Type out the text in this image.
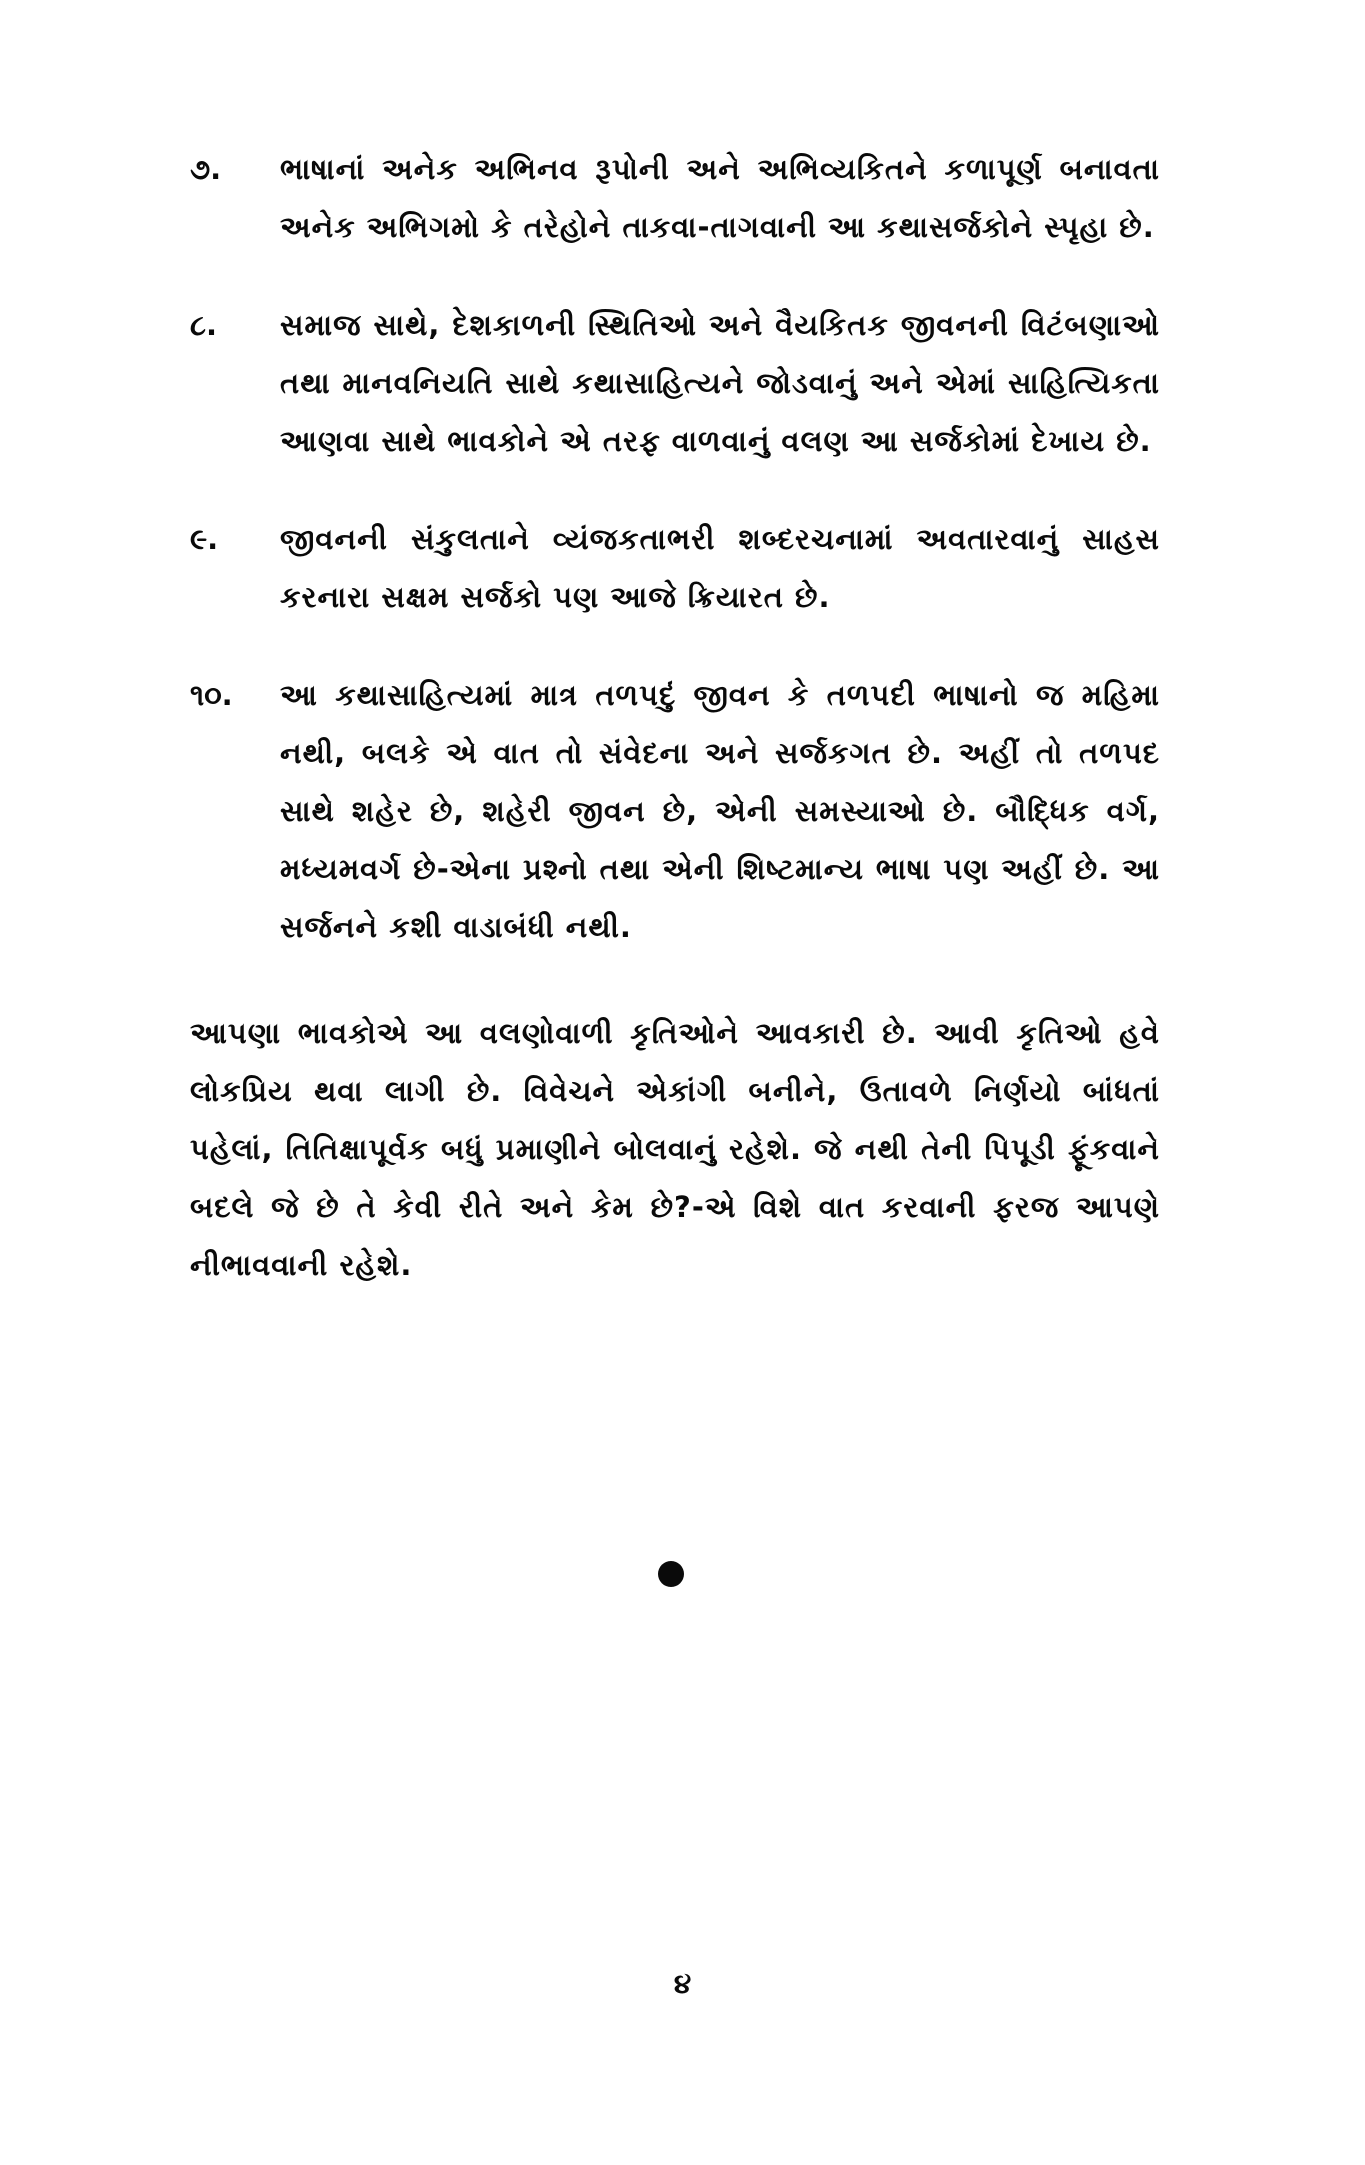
૭. ભાષાનાં અનેક અભિનવ રૂપોની અને અભિવ્યકિતને કળાપૂર્ણ બનાવતા અનેક અભિગમો કે તરેહોને તાકવા-તાગવાની આ કથાસર્જકોને સ્પૃહા છે.
૮. સમાજ સાથે, દેશકાળની સ્થિતિઓ અને વૈયકિતક જીવનની વિટંબણાઓ તથા માનવનિયતિ સાથે કથાસાહિત્યને જોડવાનું અને એમાં સાહિત્યિકતા આણવા સાથે ભાવકોને એ તરફ વાળવાનું વલણ આ સર્જકોમાં દેખાય છે.
૯. જીવનની સંકુલતાને વ્યંજકતાભરી શબ્દરચનામાં અવતારવાનું સાહસ કરનારા સક્ષમ સર્જકો પણ આજે ક્રિયારત છે.
૧૦. આ કથાસાહિત્યમાં માત્ર તળપદું જીવન કે તળપદી ભાષાનો જ મહિમા નથી, બલકે એ વાત તો સંવેદના અને સર્જકગત છે. અહીં તો તળપદ સાથે શહેર છે, શહેરી જીવન છે, એની સમસ્યાઓ છે. બૌદ્ધિક વર્ગ, મધ્યમવર્ગ છે-એના પ્રશ્નો તથા એની શિષ્ટમાન્ય ભાષા પણ અહીં છે. આ સર્જનને કશી વાડાબંધી નથી.

આપણા ભાવકોએ આ વલણોવાળી કૃતિઓને આવકારી છે. આવી કૃતિઓ હવે લોકપ્રિય થવા લાગી છે. વિવેચને એકાંગી બનીને, ઉતાવળે નિર્ણયો બાંધતાં પહેલાં, તિતિક્ષાપૂર્વક બધું પ્રમાણીને બોલવાનું રહેશે. જે નથી તેની પિપૂડી ફૂંકવાને બદલે જે છે તે કેવી રીતે અને કેમ છે?-એ વિશે વાત કરવાની ફરજ આપણે નીભાવવાની રહેશે.

૪
